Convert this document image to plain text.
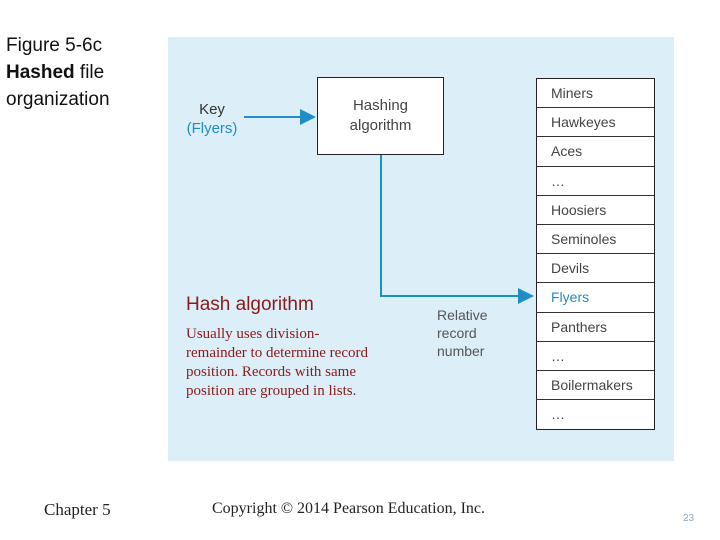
Figure 5-6c
Hashed file
organization	Key
(Flyers)
Hashing
algorithm
Miners
Hawkeyes
Aces
…
Hoosiers
Seminoles
Devils
Flyers
Panthers
…
Boilermakers
…
Relative
record
number
Hash algorithm
Usually uses division-remainder to determine record position. Records with same position are grouped in lists.
Chapter 5	Copyright © 2014 Pearson Education, Inc.
23
